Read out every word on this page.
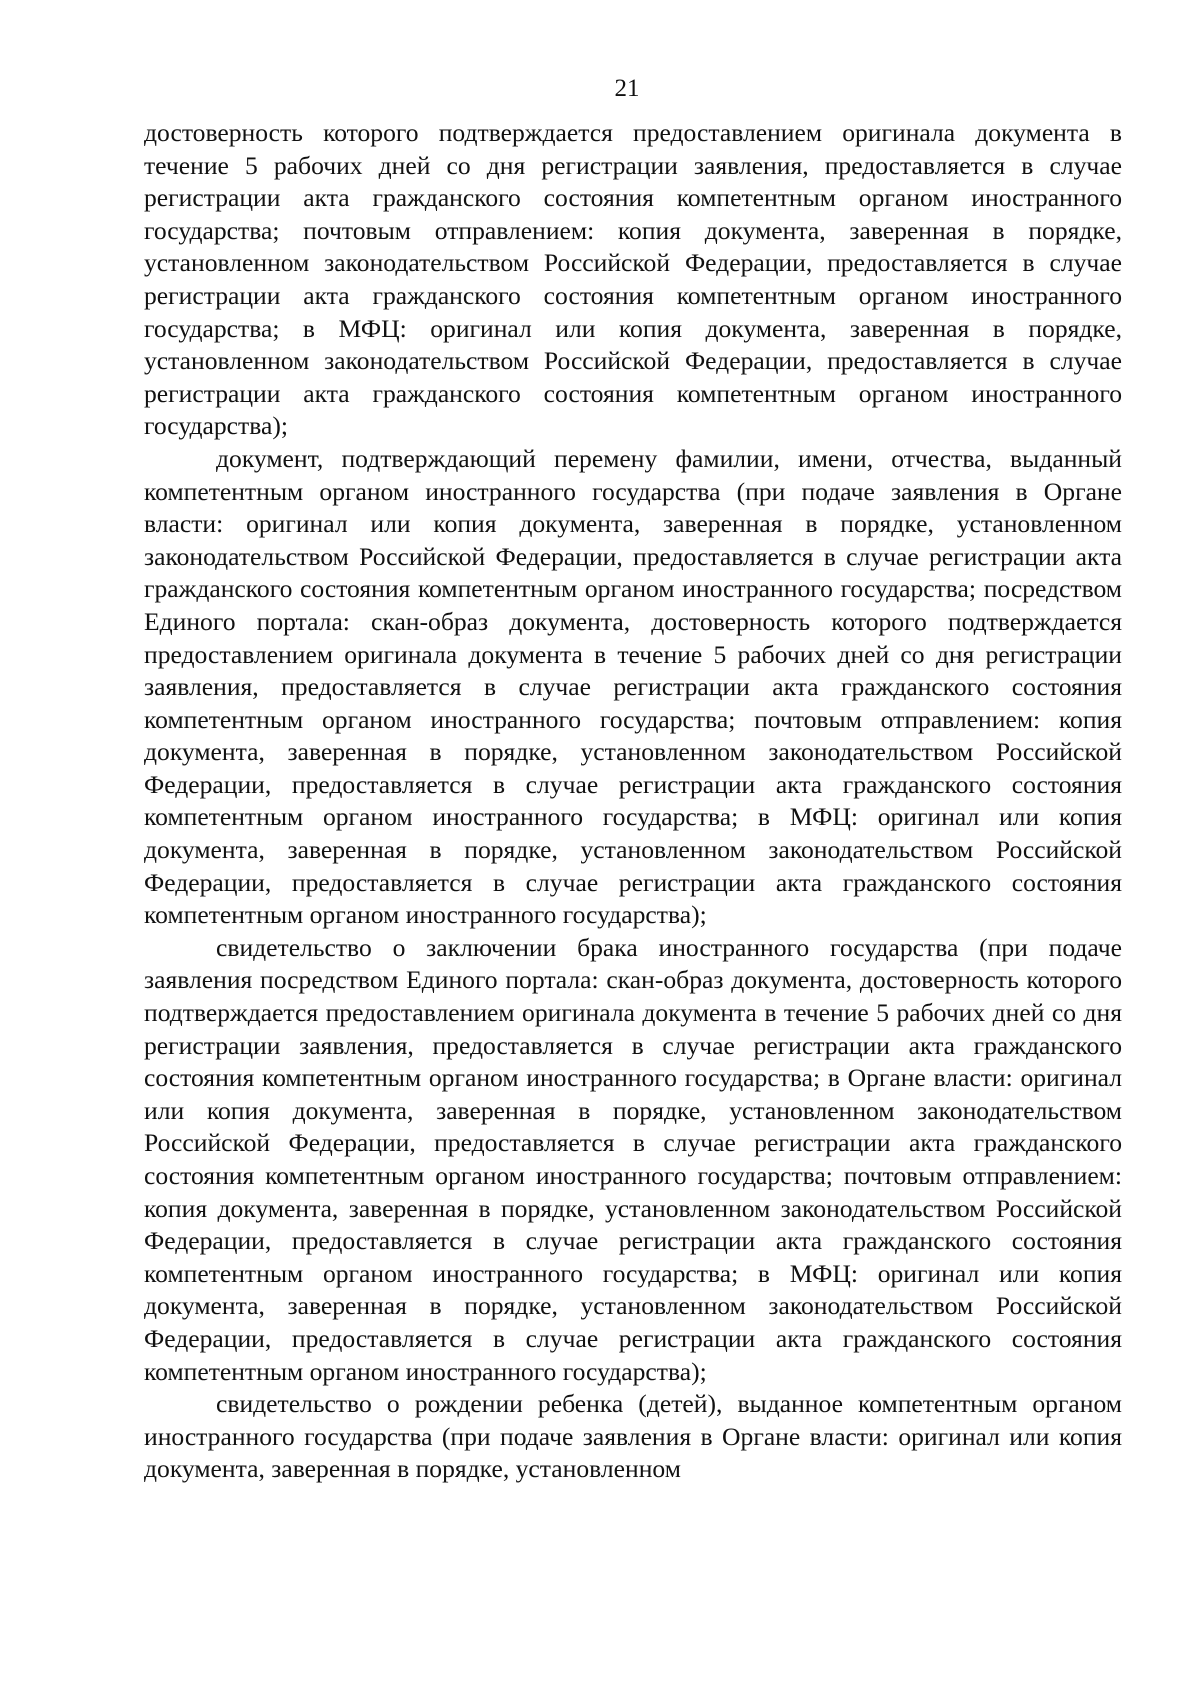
21

достоверность которого подтверждается предоставлением оригинала документа в течение 5 рабочих дней со дня регистрации заявления, предоставляется в случае регистрации акта гражданского состояния компетентным органом иностранного государства; почтовым отправлением: копия документа, заверенная в порядке, установленном законодательством Российской Федерации, предоставляется в случае регистрации акта гражданского состояния компетентным органом иностранного государства; в МФЦ: оригинал или копия документа, заверенная в порядке, установленном законодательством Российской Федерации, предоставляется в случае регистрации акта гражданского состояния компетентным органом иностранного государства);

документ, подтверждающий перемену фамилии, имени, отчества, выданный компетентным органом иностранного государства (при подаче заявления в Органе власти: оригинал или копия документа, заверенная в порядке, установленном законодательством Российской Федерации, предоставляется в случае регистрации акта гражданского состояния компетентным органом иностранного государства; посредством Единого портала: скан-образ документа, достоверность которого подтверждается предоставлением оригинала документа в течение 5 рабочих дней со дня регистрации заявления, предоставляется в случае регистрации акта гражданского состояния компетентным органом иностранного государства; почтовым отправлением: копия документа, заверенная в порядке, установленном законодательством Российской Федерации, предоставляется в случае регистрации акта гражданского состояния компетентным органом иностранного государства; в МФЦ: оригинал или копия документа, заверенная в порядке, установленном законодательством Российской Федерации, предоставляется в случае регистрации акта гражданского состояния компетентным органом иностранного государства);

свидетельство о заключении брака иностранного государства (при подаче заявления посредством Единого портала: скан-образ документа, достоверность которого подтверждается предоставлением оригинала документа в течение 5 рабочих дней со дня регистрации заявления, предоставляется в случае регистрации акта гражданского состояния компетентным органом иностранного государства; в Органе власти: оригинал или копия документа, заверенная в порядке, установленном законодательством Российской Федерации, предоставляется в случае регистрации акта гражданского состояния компетентным органом иностранного государства; почтовым отправлением: копия документа, заверенная в порядке, установленном законодательством Российской Федерации, предоставляется в случае регистрации акта гражданского состояния компетентным органом иностранного государства; в МФЦ: оригинал или копия документа, заверенная в порядке, установленном законодательством Российской Федерации, предоставляется в случае регистрации акта гражданского состояния компетентным органом иностранного государства);

свидетельство о рождении ребенка (детей), выданное компетентным органом иностранного государства (при подаче заявления в Органе власти: оригинал или копия документа, заверенная в порядке, установленном
